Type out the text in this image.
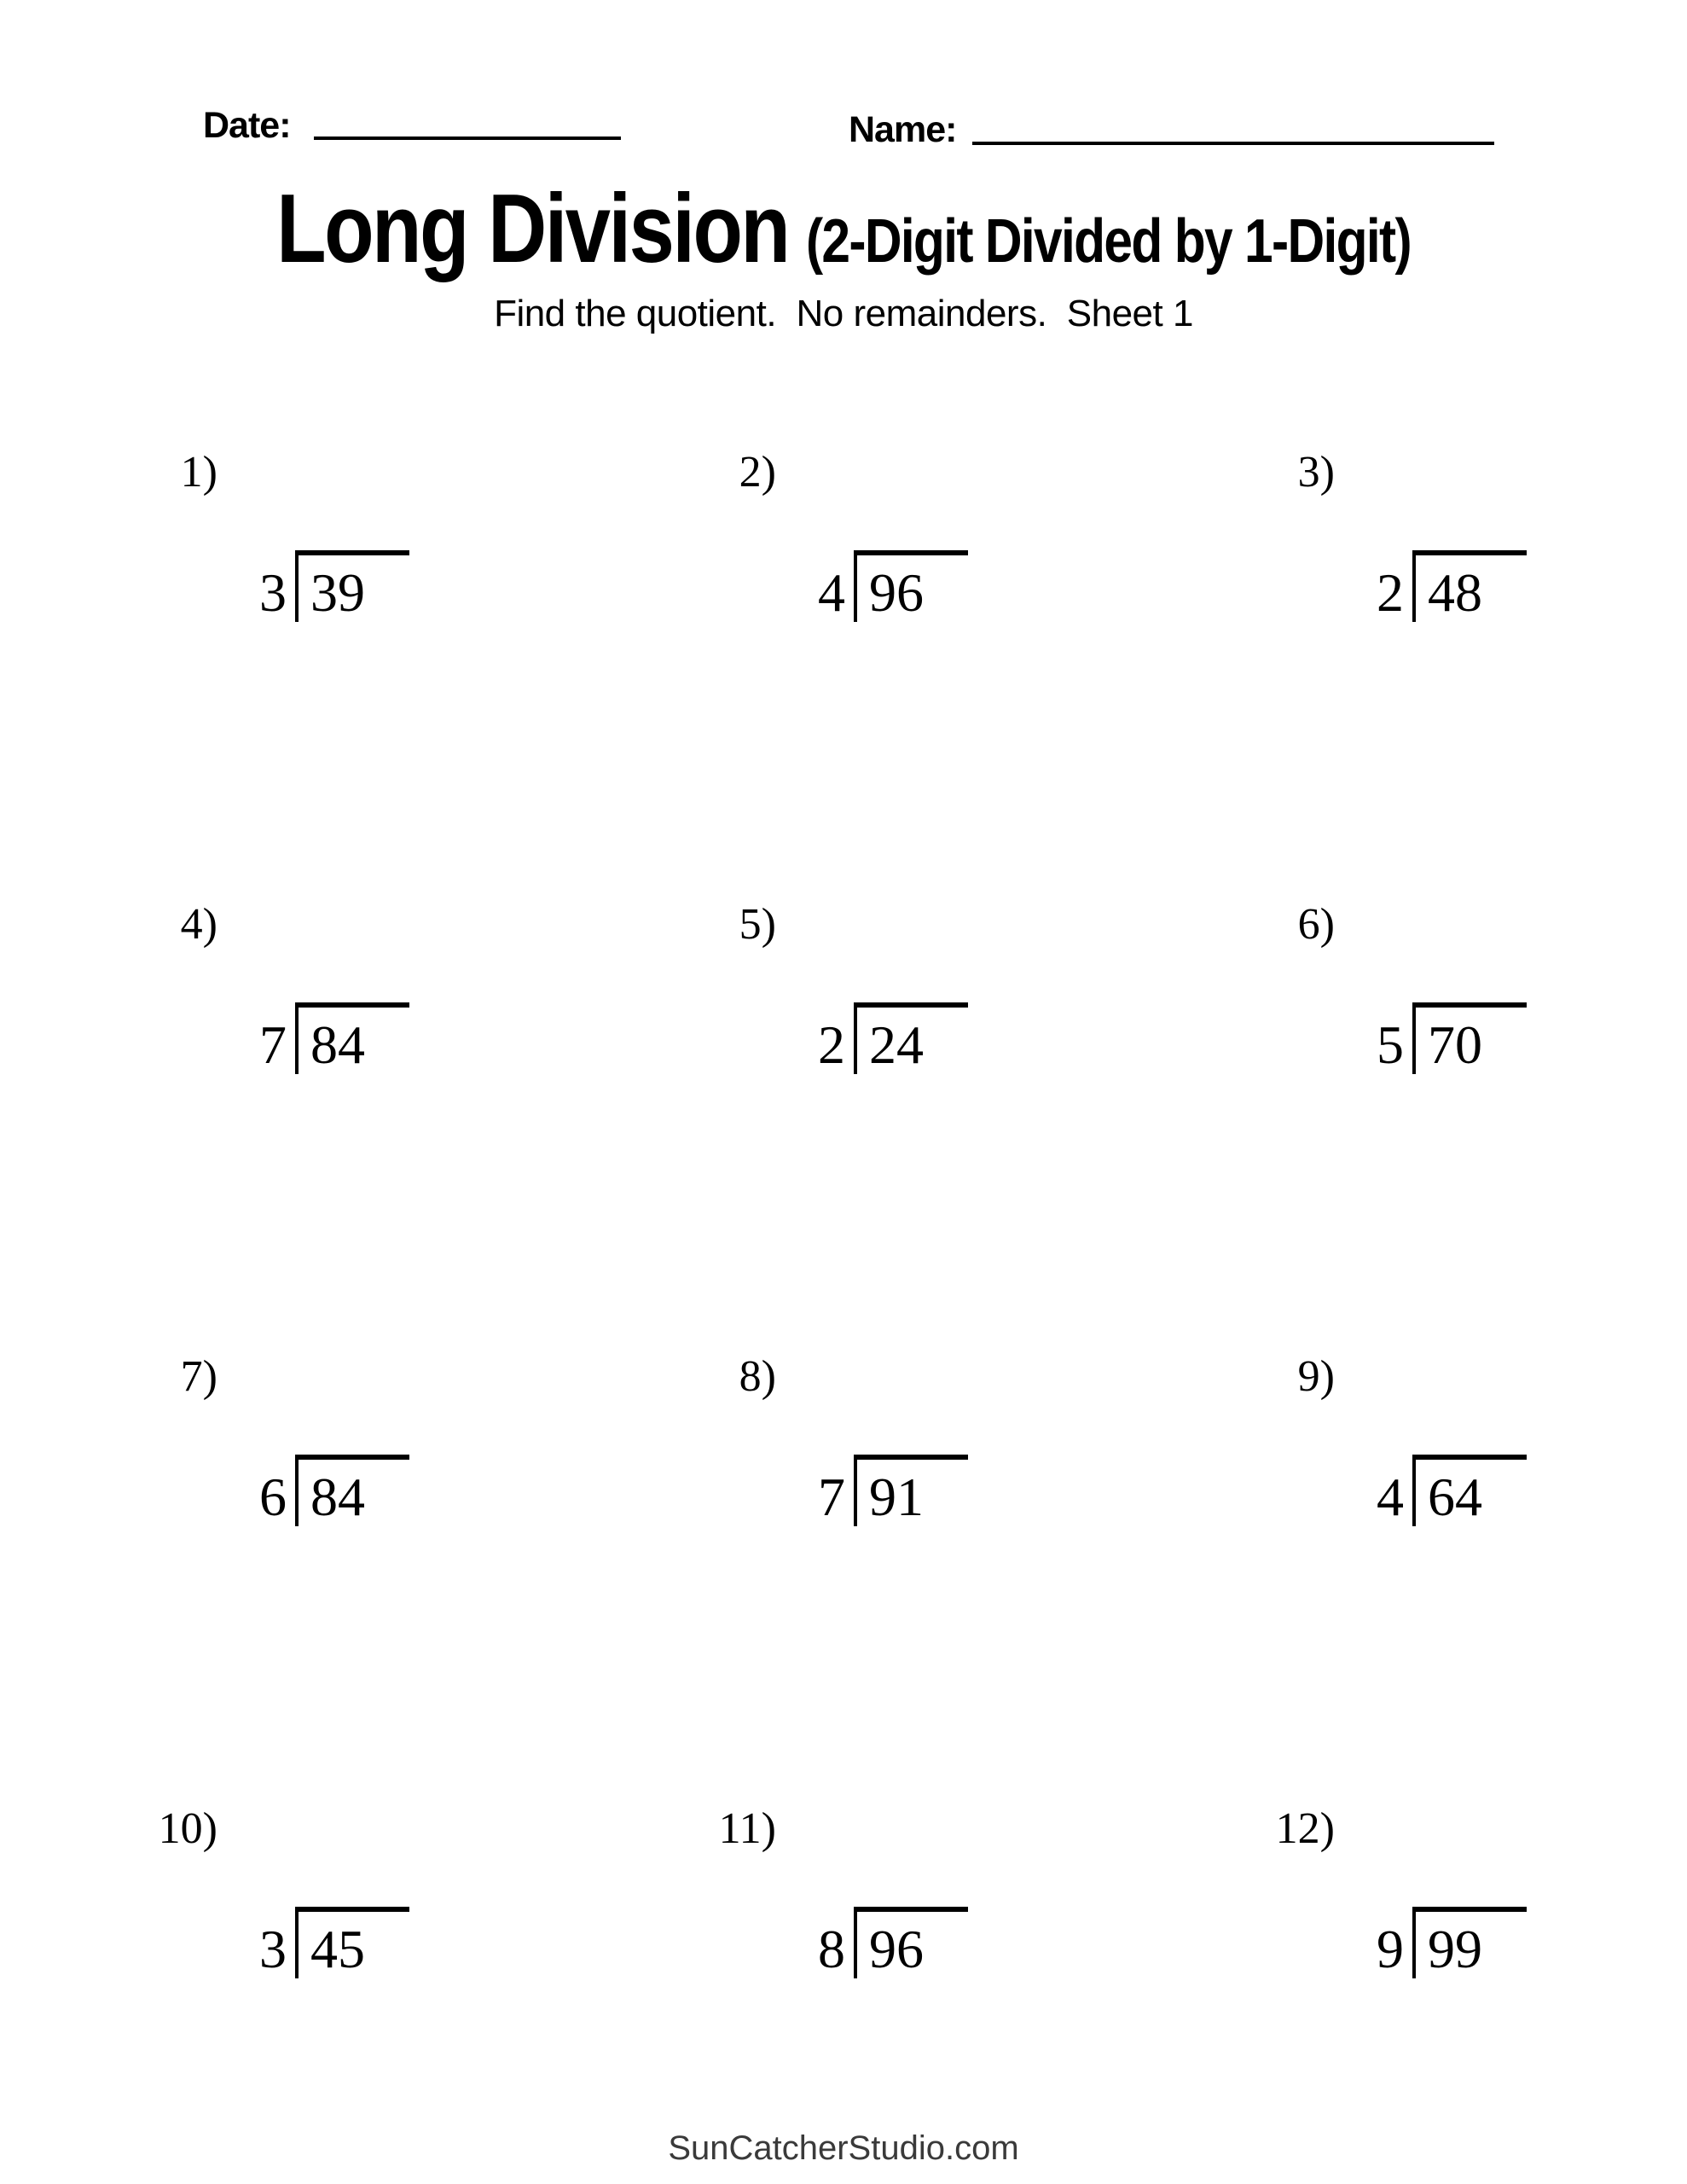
Date:	Name:
Long Division (2-Digit Divided by 1-Digit)
Find the quotient.  No remainders.  Sheet 1
1)
3 39
2)
4 96
3)
2 48
4)
7 84
5)
2 24
6)
5 70
7)
6 84
8)
7 91
9)
4 64
10)
3 45
11)
8 96
12)
9 99
SunCatcherStudio.com
